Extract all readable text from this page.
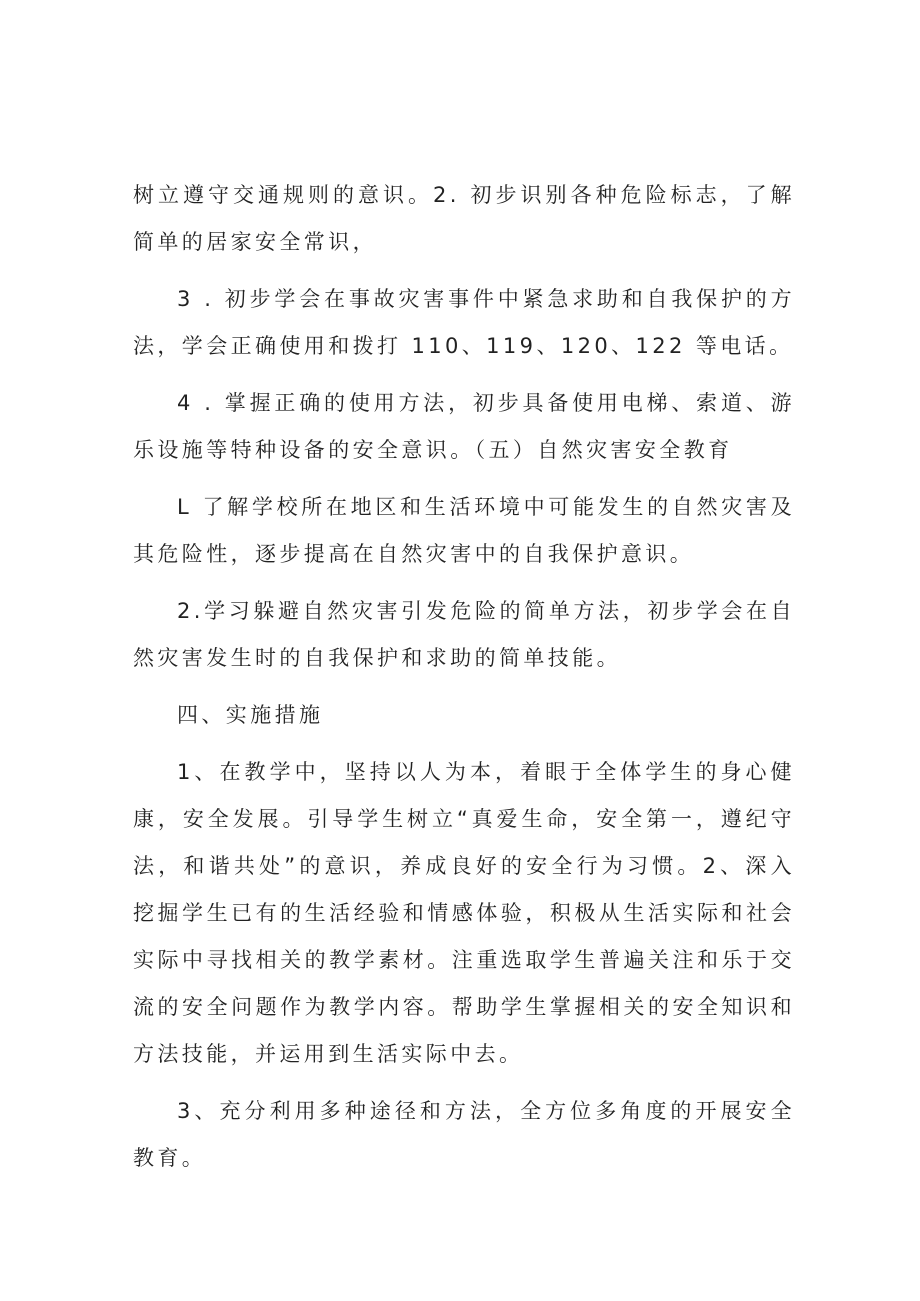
树立遵守交通规则的意识。2. 初步识别各种危险标志，了解简单的居家安全常识，

3 . 初步学会在事故灾害事件中紧急求助和自我保护的方法，学会正确使用和拨打 110、119、120、122 等电话。

4 . 掌握正确的使用方法，初步具备使用电梯、索道、游乐设施等特种设备的安全意识。（五）自然灾害安全教育

L 了解学校所在地区和生活环境中可能发生的自然灾害及其危险性，逐步提高在自然灾害中的自我保护意识。

2.学习躲避自然灾害引发危险的简单方法，初步学会在自然灾害发生时的自我保护和求助的简单技能。

四、实施措施

1、在教学中，坚持以人为本，着眼于全体学生的身心健康，安全发展。引导学生树立“真爱生命，安全第一，遵纪守法，和谐共处”的意识，养成良好的安全行为习惯。2、深入挖掘学生已有的生活经验和情感体验，积极从生活实际和社会实际中寻找相关的教学素材。注重选取学生普遍关注和乐于交流的安全问题作为教学内容。帮助学生掌握相关的安全知识和方法技能，并运用到生活实际中去。

3、充分利用多种途径和方法，全方位多角度的开展安全教育。
